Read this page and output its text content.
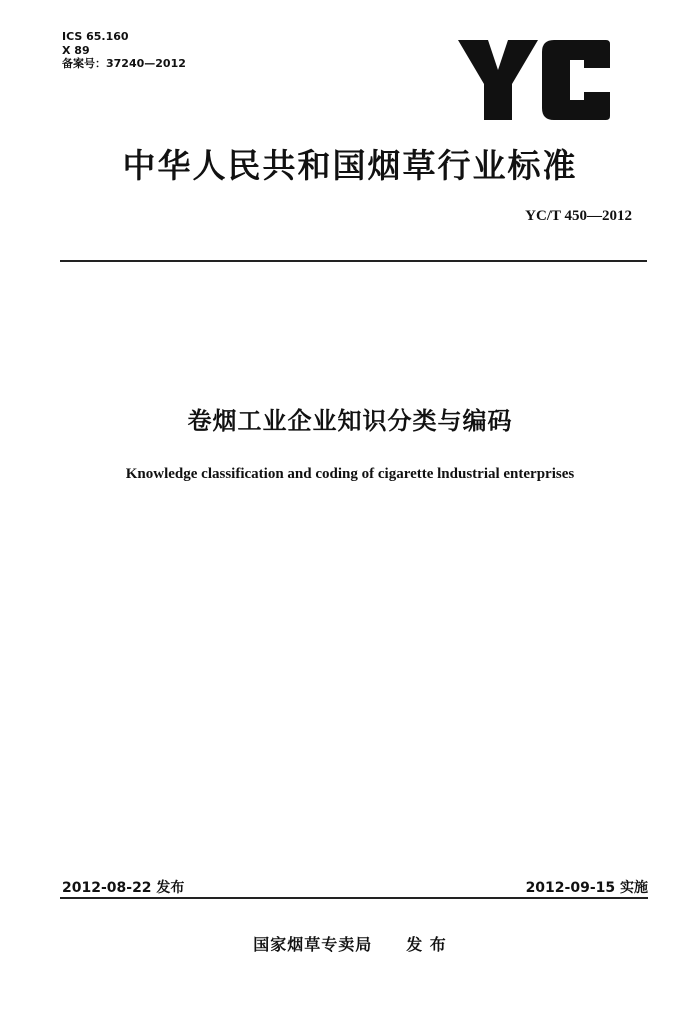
ICS 65.160
X 89
备案号：37240—2012
中华人民共和国烟草行业标准
YC/T 450—2012
卷烟工业企业知识分类与编码
Knowledge classification and coding of cigarette lndustrial enterprises
2012-08-22 发布	2012-09-15 实施
国家烟草专卖局 发 布
